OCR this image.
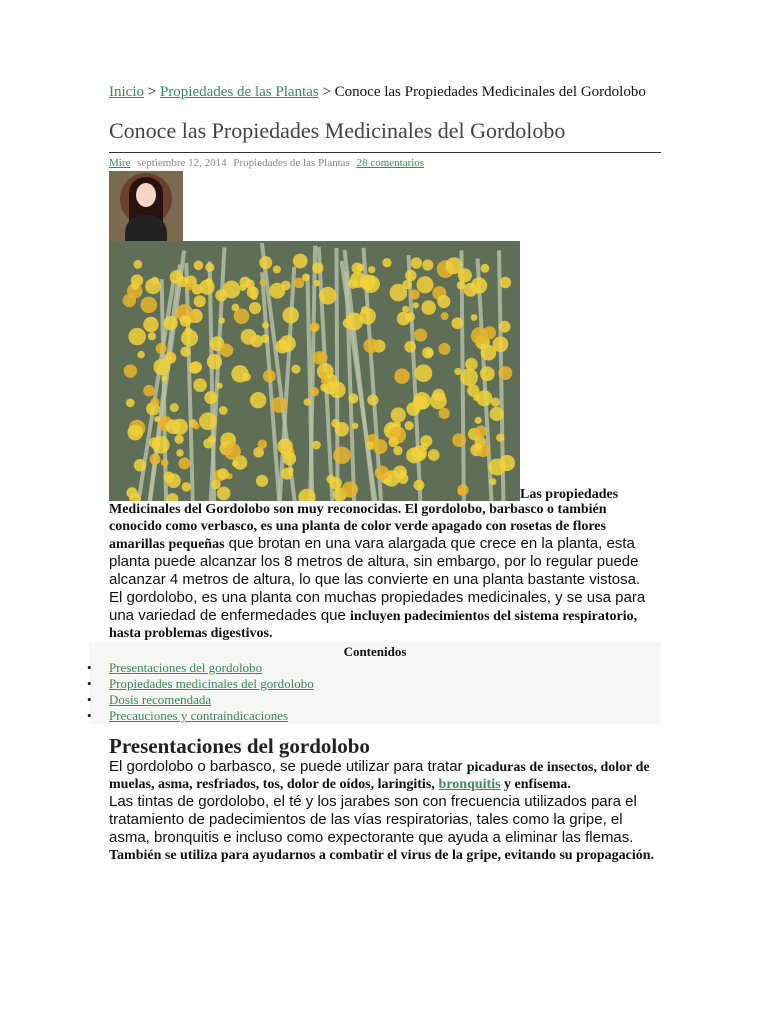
Inicio > Propiedades de las Plantas > Conoce las Propiedades Medicinales del Gordolobo
Conoce las Propiedades Medicinales del Gordolobo
Mire septiembre 12, 2014 Propiedades de las Plantas 28 comentarios
Las propiedades

Medicinales del Gordolobo son muy reconocidas. El gordolobo, barbasco o también conocido como verbasco, es una planta de color verde apagado con rosetas de flores amarillas pequeñas que brotan en una vara alargada que crece en la planta, esta planta puede alcanzar los 8 metros de altura, sin embargo, por lo regular puede alcanzar 4 metros de altura, lo que las convierte en una planta bastante vistosa.

El gordolobo, es una planta con muchas propiedades medicinales, y se usa para una variedad de enfermedades que incluyen padecimientos del sistema respiratorio, hasta problemas digestivos.

Contenidos
• Presentaciones del gordolobo
• Propiedades medicinales del gordolobo
• Dosis recomendada
• Precauciones y contraindicaciones
Presentaciones del gordolobo

El gordolobo o barbasco, se puede utilizar para tratar picaduras de insectos, dolor de muelas, asma, resfriados, tos, dolor de oídos, laringitis, bronquitis y enfisema.

Las tintas de gordolobo, el té y los jarabes son con frecuencia utilizados para el tratamiento de padecimientos de las vías respiratorias, tales como la gripe, el asma, bronquitis e incluso como expectorante que ayuda a eliminar las flemas. También se utiliza para ayudarnos a combatir el virus de la gripe, evitando su propagación.
